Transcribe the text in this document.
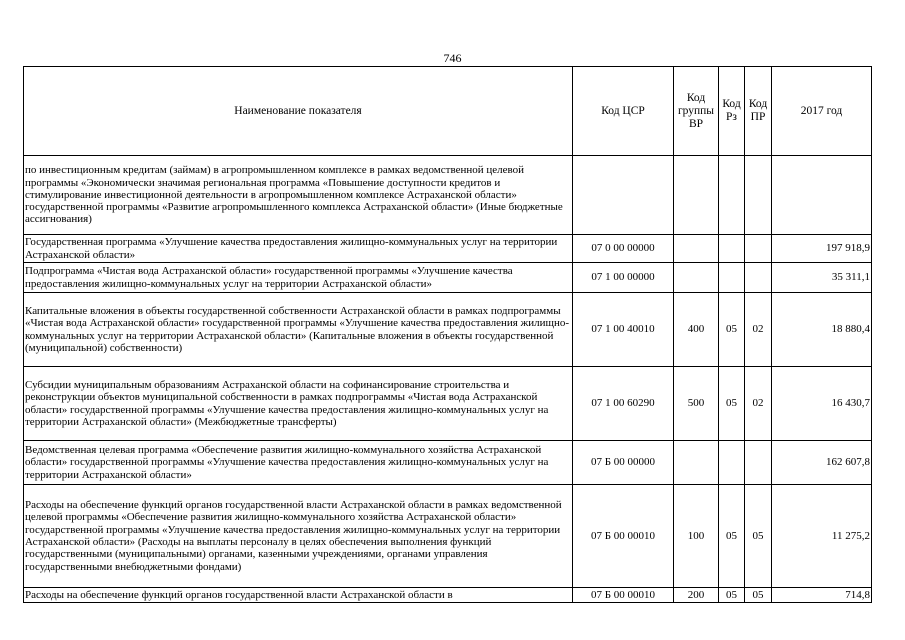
746
Наименование показателя	Код ЦСР	Код группы ВР	Код Рз	Код ПР	2017 год
по инвестиционным кредитам (займам) в агропромышленном комплексе в рамках ведомственной целевой программы «Экономически значимая региональная программа «Повышение доступности кредитов и стимулирование инвестиционной деятельности в агропромышленном комплексе Астраханской области» государственной программы «Развитие агропромышленного комплекса Астраханской области» (Иные бюджетные ассигнования)					
Государственная программа «Улучшение качества предоставления жилищно-коммунальных услуг на территории Астраханской области»	07 0 00 00000				197 918,9
Подпрограмма «Чистая вода Астраханской области» государственной программы «Улучшение качества предоставления жилищно-коммунальных услуг на территории Астраханской области»	07 1 00 00000				35 311,1
Капитальные вложения в объекты государственной собственности Астраханской области в рамках подпрограммы «Чистая вода Астраханской области» государственной программы «Улучшение качества предоставления жилищно-коммунальных услуг на территории Астраханской области» (Капитальные вложения в объекты государственной (муниципальной) собственности)	07 1 00 40010	400	05	02	18 880,4
Субсидии муниципальным образованиям Астраханской области на софинансирование строительства и реконструкции объектов муниципальной собственности в рамках подпрограммы «Чистая вода Астраханской области» государственной программы «Улучшение качества предоставления жилищно-коммунальных услуг на территории Астраханской области» (Межбюджетные трансферты)	07 1 00 60290	500	05	02	16 430,7
Ведомственная целевая программа «Обеспечение развития жилищно-коммунального хозяйства Астраханской области» государственной программы «Улучшение качества предоставления жилищно-коммунальных услуг на территории Астраханской области»	07 Б 00 00000				162 607,8
Расходы на обеспечение функций органов государственной власти Астраханской области в рамках ведомственной целевой программы «Обеспечение развития жилищно-коммунального хозяйства Астраханской области» государственной программы «Улучшение качества предоставления жилищно-коммунальных услуг на территории Астраханской области» (Расходы на выплаты персоналу в целях обеспечения выполнения функций государственными (муниципальными) органами, казенными учреждениями, органами управления государственными внебюджетными фондами)	07 Б 00 00010	100	05	05	11 275,2
Расходы на обеспечение функций органов государственной власти Астраханской области в	07 Б 00 00010	200	05	05	714,8
